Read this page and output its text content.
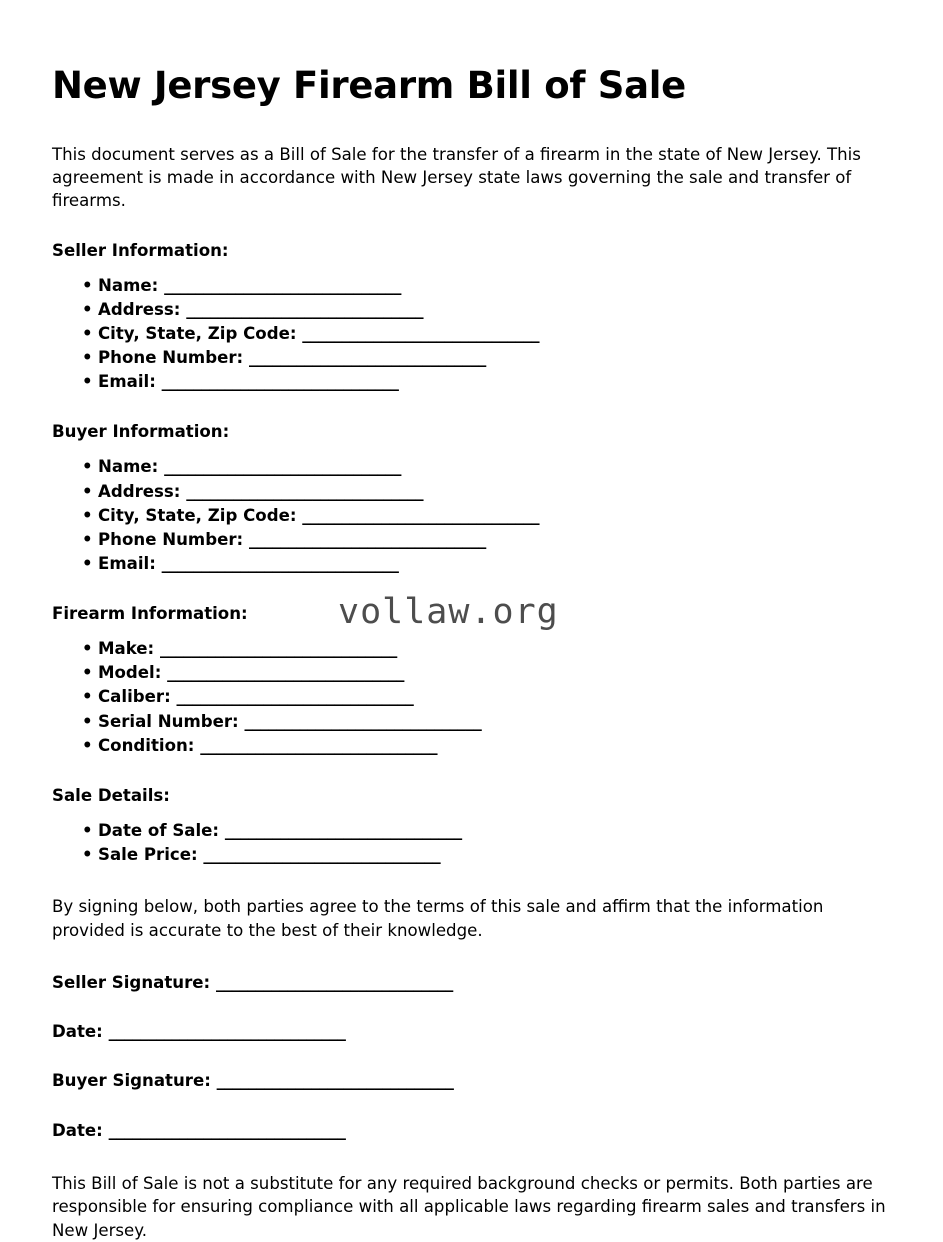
New Jersey Firearm Bill of Sale

This document serves as a Bill of Sale for the transfer of a firearm in the state of New Jersey. This agreement is made in accordance with New Jersey state laws governing the sale and transfer of firearms.

Seller Information:
• Name: ______________________________
• Address: ______________________________
• City, State, Zip Code: ______________________________
• Phone Number: ______________________________
• Email: ______________________________
Buyer Information:
• Name: ______________________________
• Address: ______________________________
• City, State, Zip Code: ______________________________
• Phone Number: ______________________________
• Email: ______________________________
Firearm Information:
• Make: ______________________________
• Model: ______________________________
• Caliber: ______________________________
• Serial Number: ______________________________
• Condition: ______________________________
Sale Details:
• Date of Sale: ______________________________
• Sale Price: ______________________________

By signing below, both parties agree to the terms of this sale and affirm that the information provided is accurate to the best of their knowledge.

Seller Signature: ______________________________

Date: ______________________________

Buyer Signature: ______________________________

Date: ______________________________

This Bill of Sale is not a substitute for any required background checks or permits. Both parties are responsible for ensuring compliance with all applicable laws regarding firearm sales and transfers in New Jersey.

vollaw.org
